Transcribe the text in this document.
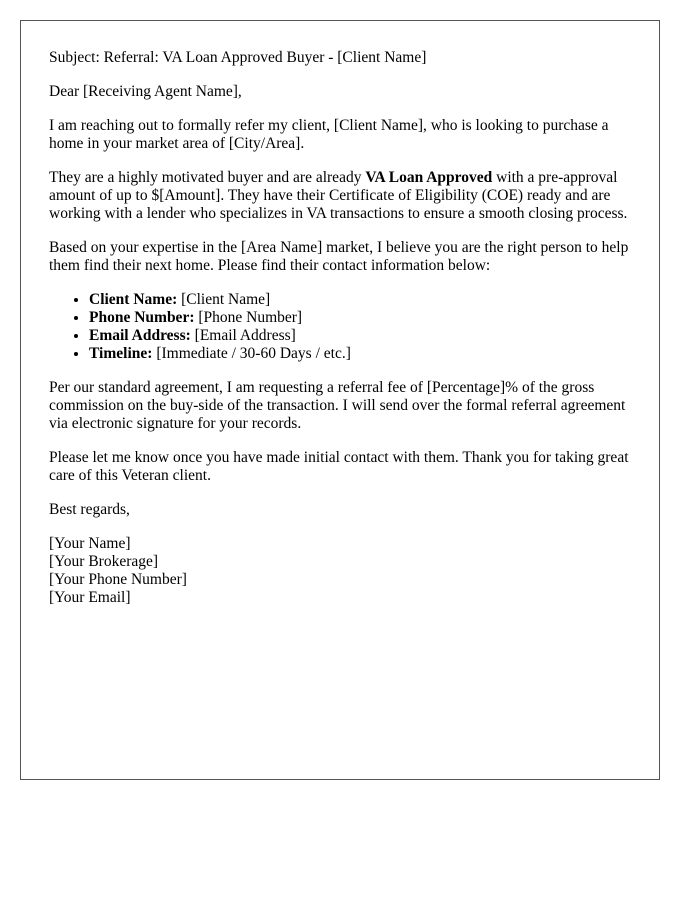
Subject: Referral: VA Loan Approved Buyer - [Client Name]

Dear [Receiving Agent Name],

I am reaching out to formally refer my client, [Client Name], who is looking to purchase a home in your market area of [City/Area].

They are a highly motivated buyer and are already VA Loan Approved with a pre-approval amount of up to $[Amount]. They have their Certificate of Eligibility (COE) ready and are working with a lender who specializes in VA transactions to ensure a smooth closing process.

Based on your expertise in the [Area Name] market, I believe you are the right person to help them find their next home. Please find their contact information below:

• Client Name: [Client Name]
• Phone Number: [Phone Number]
• Email Address: [Email Address]
• Timeline: [Immediate / 30-60 Days / etc.]

Per our standard agreement, I am requesting a referral fee of [Percentage]% of the gross commission on the buy-side of the transaction. I will send over the formal referral agreement via electronic signature for your records.

Please let me know once you have made initial contact with them. Thank you for taking great care of this Veteran client.

Best regards,

[Your Name]

[Your Brokerage]

[Your Phone Number]

[Your Email]
